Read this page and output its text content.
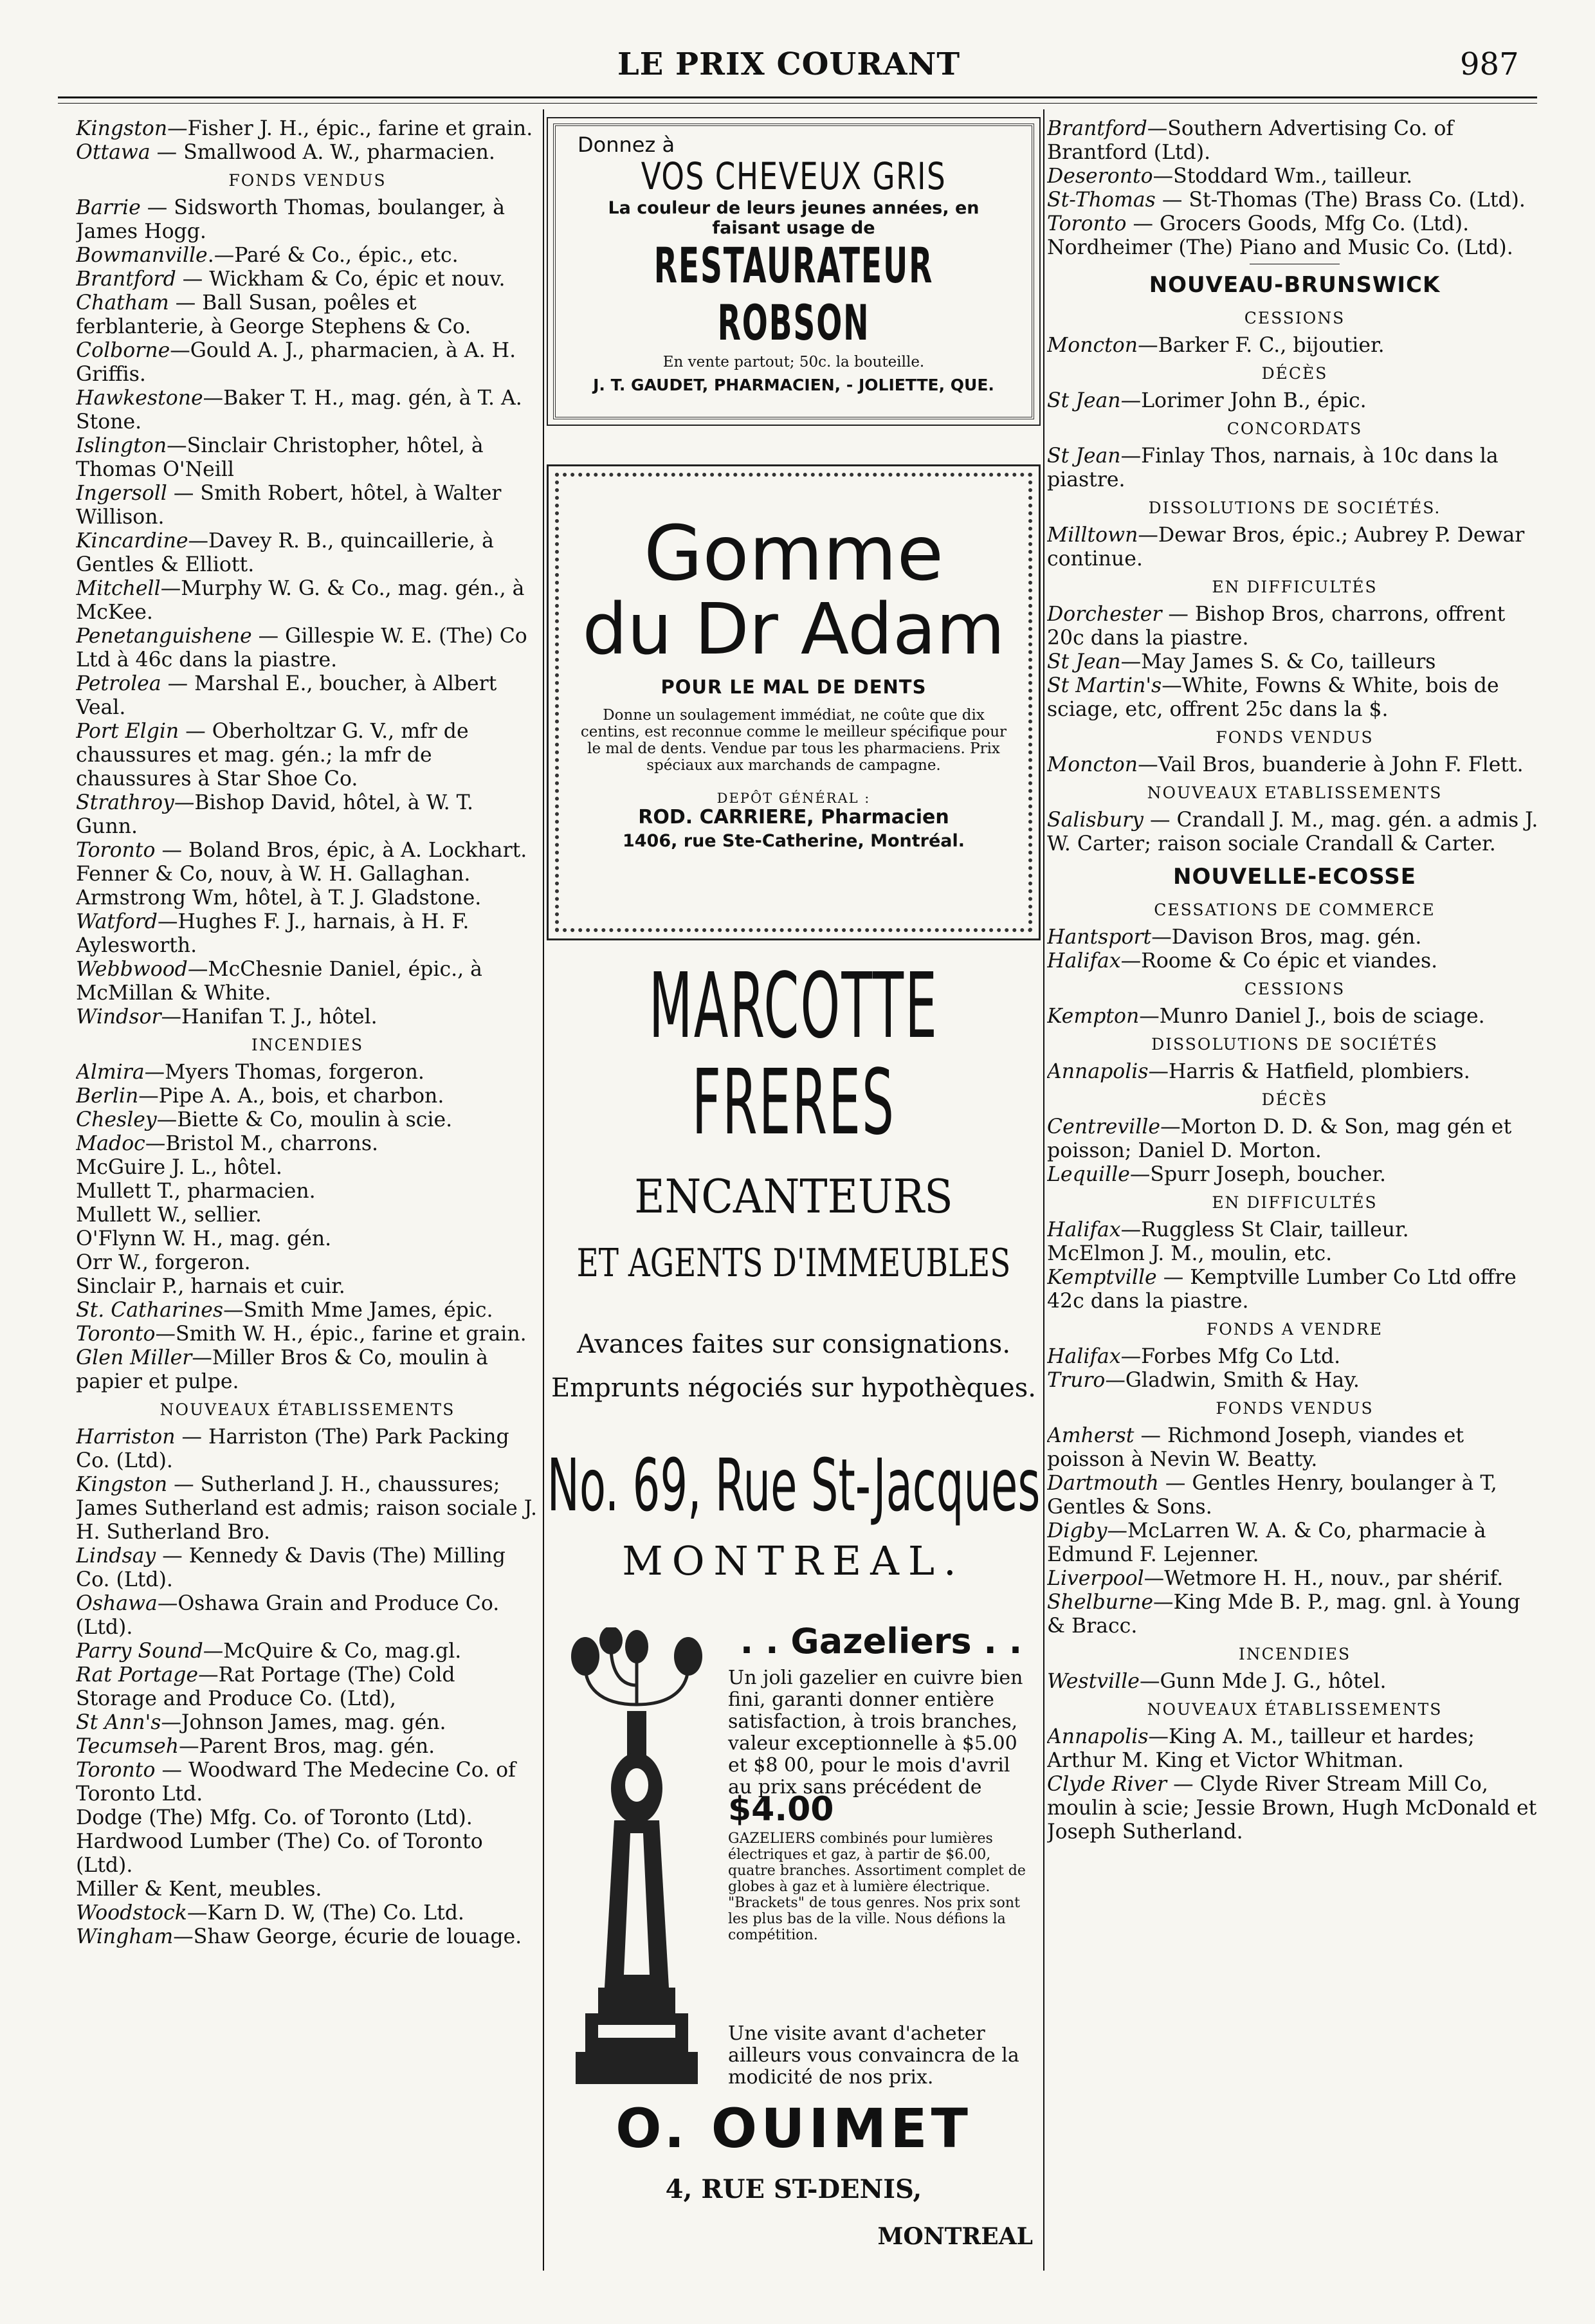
LE PRIX COURANT	987

Kingston—Fisher J. H., épic., farine et grain.

Ottawa — Smallwood A. W., pharmacien.

FONDS VENDUS

Barrie — Sidsworth Thomas, boulanger, à James Hogg.

Bowmanville.—Paré & Co., épic., etc.

Brantford — Wickham & Co, épic et nouv.

Chatham — Ball Susan, poêles et ferblanterie, à George Stephens & Co.

Colborne—Gould A. J., pharmacien, à A. H. Griffis.

Hawkestone—Baker T. H., mag. gén, à T. A. Stone.

Islington—Sinclair Christopher, hôtel, à Thomas O'Neill

Ingersoll — Smith Robert, hôtel, à Walter Willison.

Kincardine—Davey R. B., quincaillerie, à Gentles & Elliott.

Mitchell—Murphy W. G. & Co., mag. gén., à McKee.

Penetanguishene — Gillespie W. E. (The) Co Ltd à 46c dans la piastre.

Petrolea — Marshal E., boucher, à Albert Veal.

Port Elgin — Oberholtzar G. V., mfr de chaussures et mag. gén.; la mfr de chaussures à Star Shoe Co.

Strathroy—Bishop David, hôtel, à W. T. Gunn.

Toronto — Boland Bros, épic, à A. Lockhart.

Fenner & Co, nouv, à W. H. Gallaghan.

Armstrong Wm, hôtel, à T. J. Gladstone.

Watford—Hughes F. J., harnais, à H. F. Aylesworth.

Webbwood—McChesnie Daniel, épic., à McMillan & White.

Windsor—Hanifan T. J., hôtel.

INCENDIES

Almira—Myers Thomas, forgeron.

Berlin—Pipe A. A., bois, et charbon.

Chesley—Biette & Co, moulin à scie.

Madoc—Bristol M., charrons.

McGuire J. L., hôtel.

Mullett T., pharmacien.

Mullett W., sellier.

O'Flynn W. H., mag. gén.

Orr W., forgeron.

Sinclair P., harnais et cuir.

St. Catharines—Smith Mme James, épic.

Toronto—Smith W. H., épic., farine et grain.

Glen Miller—Miller Bros & Co, moulin à papier et pulpe.

NOUVEAUX ÉTABLISSEMENTS

Harriston — Harriston (The) Park Packing Co. (Ltd).

Kingston — Sutherland J. H., chaussures; James Sutherland est admis; raison sociale J. H. Sutherland Bro.

Lindsay — Kennedy & Davis (The) Milling Co. (Ltd).

Oshawa—Oshawa Grain and Produce Co. (Ltd).

Parry Sound—McQuire & Co, mag.gl.

Rat Portage—Rat Portage (The) Cold Storage and Produce Co. (Ltd),

St Ann's—Johnson James, mag. gén.

Tecumseh—Parent Bros, mag. gén.

Toronto — Woodward The Medecine Co. of Toronto Ltd.

Dodge (The) Mfg. Co. of Toronto (Ltd).

Hardwood Lumber (The) Co. of Toronto (Ltd).

Miller & Kent, meubles.

Woodstock—Karn D. W, (The) Co. Ltd.

Wingham—Shaw George, écurie de louage.

Donnez à
VOS CHEVEUX GRIS
La couleur de leurs jeunes années, en faisant usage de
RESTAURATEUR ROBSON
En vente partout; 50c. la bouteille.
J. T. GAUDET, PHARMACIEN, - JOLIETTE, QUE.
Gomme
du Dr Adam
POUR LE MAL DE DENTS
Donne un soulagement immédiat, ne coûte que dix centins, est reconnue comme le meilleur spécifique pour le mal de dents. Vendue par tous les pharmaciens. Prix spéciaux aux marchands de campagne.
DEPÔT GÉNÉRAL :
ROD. CARRIERE, Pharmacien
1406, rue Ste-Catherine, Montréal.
MARCOTTE FRERES
ENCANTEURS
ET AGENTS D'IMMEUBLES
Avances faites sur consignations. Emprunts négociés sur hypothèques.
No. 69, Rue St-Jacques
MONTREAL.
. . Gazeliers . .
Un joli gazelier en cuivre bien fini, garanti donner entière satisfaction, à trois branches, valeur exceptionnelle à $5.00 et $8 00, pour le mois d'avril au prix sans précédent de $4.00
GAZELIERS combinés pour lumières électriques et gaz, à partir de $6.00, quatre branches. Assortiment complet de globes à gaz et à lumière électrique. "Brackets" de tous genres. Nos prix sont les plus bas de la ville. Nous défions la compétition.
Une visite avant d'acheter ailleurs vous convaincra de la modicité de nos prix.
O. OUIMET
4, RUE ST-DENIS,
MONTREAL

Brantford—Southern Advertising Co. of Brantford (Ltd).

Deseronto—Stoddard Wm., tailleur.

St-Thomas — St-Thomas (The) Brass Co. (Ltd).

Toronto — Grocers Goods, Mfg Co. (Ltd).

Nordheimer (The) Piano and Music Co. (Ltd).

NOUVEAU-BRUNSWICK
CESSIONS

Moncton—Barker F. C., bijoutier.

DÉCÈS

St Jean—Lorimer John B., épic.

CONCORDATS

St Jean—Finlay Thos, narnais, à 10c dans la piastre.

DISSOLUTIONS DE SOCIÉTÉS.

Milltown—Dewar Bros, épic.; Aubrey P. Dewar continue.

EN DIFFICULTÉS

Dorchester — Bishop Bros, charrons, offrent 20c dans la piastre.

St Jean—May James S. & Co, tailleurs

St Martin's—White, Fowns & White, bois de sciage, etc, offrent 25c dans la $.

FONDS VENDUS

Moncton—Vail Bros, buanderie à John F. Flett.

NOUVEAUX ETABLISSEMENTS

Salisbury — Crandall J. M., mag. gén. a admis J. W. Carter; raison sociale Crandall & Carter.

NOUVELLE-ECOSSE
CESSATIONS DE COMMERCE

Hantsport—Davison Bros, mag. gén.

Halifax—Roome & Co épic et viandes.

CESSIONS

Kempton—Munro Daniel J., bois de sciage.

DISSOLUTIONS DE SOCIÉTÉS

Annapolis—Harris & Hatfield, plombiers.

DÉCÈS

Centreville—Morton D. D. & Son, mag gén et poisson; Daniel D. Morton.

Lequille—Spurr Joseph, boucher.

EN DIFFICULTÉS

Halifax—Ruggless St Clair, tailleur.

McElmon J. M., moulin, etc.

Kemptville — Kemptville Lumber Co Ltd offre 42c dans la piastre.

FONDS A VENDRE

Halifax—Forbes Mfg Co Ltd.

Truro—Gladwin, Smith & Hay.

FONDS VENDUS

Amherst — Richmond Joseph, viandes et poisson à Nevin W. Beatty.

Dartmouth — Gentles Henry, boulanger à T, Gentles & Sons.

Digby—McLarren W. A. & Co, pharmacie à Edmund F. Lejenner.

Liverpool—Wetmore H. H., nouv., par shérif.

Shelburne—King Mde B. P., mag. gnl. à Young & Bracc.

INCENDIES

Westville—Gunn Mde J. G., hôtel.

NOUVEAUX ÉTABLISSEMENTS

Annapolis—King A. M., tailleur et hardes; Arthur M. King et Victor Whitman.

Clyde River — Clyde River Stream Mill Co, moulin à scie; Jessie Brown, Hugh McDonald et Joseph Sutherland.
